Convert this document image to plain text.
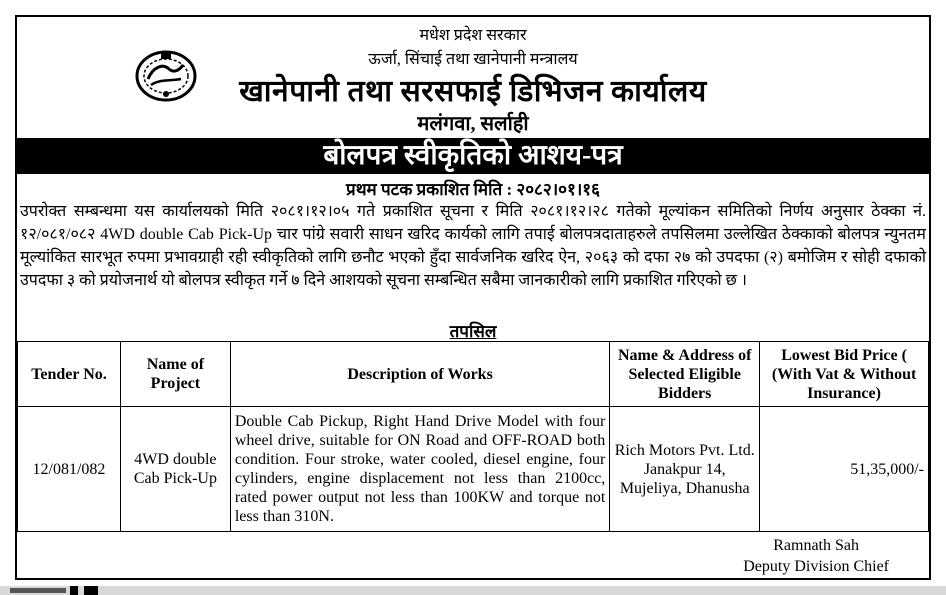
मधेश प्रदेश सरकार
ऊर्जा, सिंचाई तथा खानेपानी मन्त्रालय
खानेपानी तथा सरसफाई डिभिजन कार्यालय
मलंगवा, सर्लाही
बोलपत्र स्वीकृतिको आशय-पत्र
प्रथम पटक प्रकाशित मिति : २०८२।०१।१६
उपरोक्त सम्बन्धमा यस कार्यालयको मिति २०८१।१२।०५ गते प्रकाशित सूचना र मिति २०८१।१२।२८ गतेको मूल्यांकन समितिको निर्णय अनुसार ठेक्का नं. १२/०८१/०८२ 4WD double Cab Pick-Up चार पांग्रे सवारी साधन खरिद कार्यको लागि तपाई बोलपत्रदाताहरुले तपसिलमा उल्लेखित ठेक्काको बोलपत्र न्युनतम मूल्यांकित सारभूत रुपमा प्रभावग्राही रही स्वीकृतिको लागि छनौट भएको हुँदा सार्वजनिक खरिद ऐन, २०६३ को दफा २७ को उपदफा (२) बमोजिम र सोही दफाको उपदफा ३ को प्रयोजनार्थ यो बोलपत्र स्वीकृत गर्ने ७ दिने आशयको सूचना सम्बन्धित सबैमा जानकारीको लागि प्रकाशित गरिएको छ ।
तपसिल
Tender No.	Name of Project	Description of Works	Name & Address of Selected Eligible Bidders	Lowest Bid Price ( (With Vat & Without Insurance)
12/081/082	4WD double Cab Pick-Up	Double Cab Pickup, Right Hand Drive Model with four wheel drive, suitable for ON Road and OFF-ROAD both condition. Four stroke, water cooled, diesel engine, four cylinders, engine displacement not less than 2100cc, rated power output not less than 100KW and torque not less than 310N.	Rich Motors Pvt. Ltd. Janakpur 14, Mujeliya, Dhanusha	51,35,000/-
Ramnath Sah
Deputy Division Chief
